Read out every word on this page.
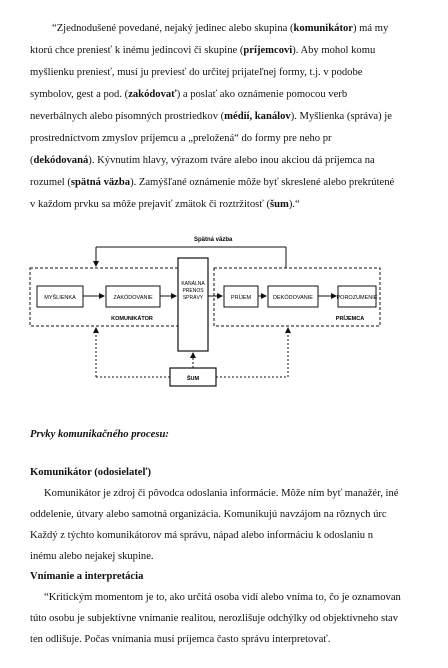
“Zjednodušené povedané, nejaký jedinec alebo skupina (komunikátor) má my
ktorú chce preniesť k inému jedincovi či skupine (príjemcovi). Aby mohol komu
myšlienku preniesť, musí ju previesť do určitej prijateľnej formy, t.j. v podobe
symbolov, gest a pod. (zakódovať) a poslať ako oznámenie pomocou verb
neverbálnych alebo písomných prostriedkov (médií, kanálov). Myšlienka (správa) je
prostredníctvom zmyslov príjemcu a „preložená“ do formy pre neho pr
(dekódovaná). Kývnutím hlavy, výrazom tváre alebo inou akciou dá príjemca na
rozumel (spätná väzba). Zamýšľané oznámenie môže byť skreslené alebo prekrútené
v každom prvku sa môže prejaviť zmätok či roztržitosť (šum).“
Spätná väzba
MYŠLIENKA	ZAKÓDOVANIE
KOMUNIKÁTOR
KANÁLNA
PRENOS
SPRÁVY	PRÍJEM	DEKÓDOVANIE	POROZUMENIE
PRÍJEMCA
ŠUM
Prvky komunikačného procesu:
Komunikátor (odosielateľ)
Komunikátor je zdroj či pôvodca odoslania informácie. Môže ním byť manažér, iné
oddelenie, útvary alebo samotná organizácia. Komunikujú navzájom na rôznych úrc
Každý z týchto komunikátorov má správu, nápad alebo informáciu k odoslaniu n
inému alebo nejakej skupine.
Vnímanie a interpretácia
“Kritickým momentom je to, ako určitá osoba vidí alebo vníma to, čo je oznamovan
túto osobu je subjektívne vnímanie realitou, nerozlišuje odchýlky od objektívneho stav
ten odlišuje. Počas vnímania musí príjemca často správu interpretovať.
